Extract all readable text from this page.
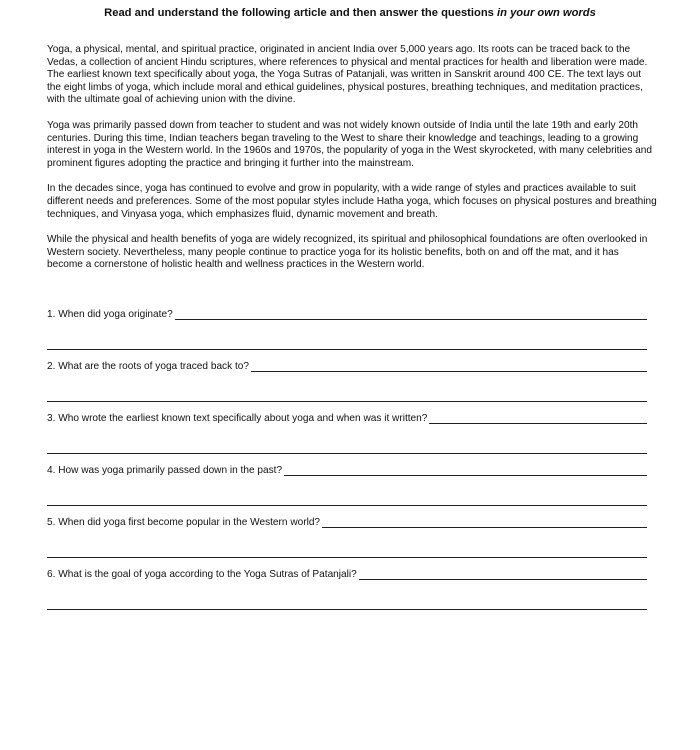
Read and understand the following article and then answer the questions in your own words

Yoga, a physical, mental, and spiritual practice, originated in ancient India over 5,000 years ago. Its roots can be traced back to the Vedas, a collection of ancient Hindu scriptures, where references to physical and mental practices for health and liberation were made. The earliest known text specifically about yoga, the Yoga Sutras of Patanjali, was written in Sanskrit around 400 CE. The text lays out the eight limbs of yoga, which include moral and ethical guidelines, physical postures, breathing techniques, and meditation practices, with the ultimate goal of achieving union with the divine.

Yoga was primarily passed down from teacher to student and was not widely known outside of India until the late 19th and early 20th centuries. During this time, Indian teachers began traveling to the West to share their knowledge and teachings, leading to a growing interest in yoga in the Western world. In the 1960s and 1970s, the popularity of yoga in the West skyrocketed, with many celebrities and prominent figures adopting the practice and bringing it further into the mainstream.

In the decades since, yoga has continued to evolve and grow in popularity, with a wide range of styles and practices available to suit different needs and preferences. Some of the most popular styles include Hatha yoga, which focuses on physical postures and breathing techniques, and Vinyasa yoga, which emphasizes fluid, dynamic movement and breath.

While the physical and health benefits of yoga are widely recognized, its spiritual and philosophical foundations are often overlooked in Western society. Nevertheless, many people continue to practice yoga for its holistic benefits, both on and off the mat, and it has become a cornerstone of holistic health and wellness practices in the Western world.

1. When did yoga originate?
2. What are the roots of yoga traced back to?
3. Who wrote the earliest known text specifically about yoga and when was it written?
4. How was yoga primarily passed down in the past?
5. When did yoga first become popular in the Western world?
6. What is the goal of yoga according to the Yoga Sutras of Patanjali?
